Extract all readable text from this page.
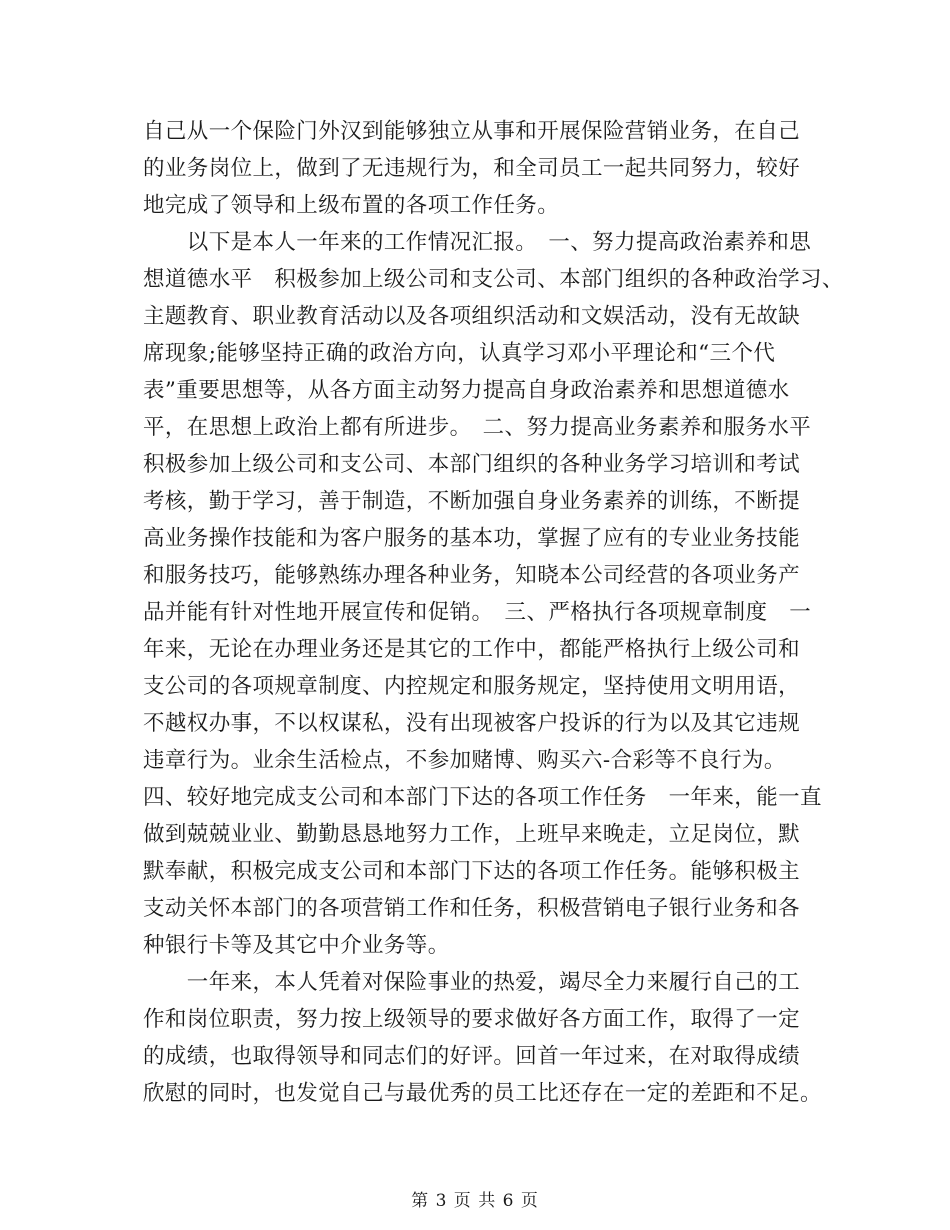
自己从一个保险门外汉到能够独立从事和开展保险营销业务，在自己
的业务岗位上，做到了无违规行为，和全司员工一起共同努力，较好
地完成了领导和上级布置的各项工作任务。
　　以下是本人一年来的工作情况汇报。　一、努力提高政治素养和思
想道德水平　积极参加上级公司和支公司、本部门组织的各种政治学习、
主题教育、职业教育活动以及各项组织活动和文娱活动，没有无故缺
席现象;能够坚持正确的政治方向，认真学习邓小平理论和“三个代
表”重要思想等，从各方面主动努力提高自身政治素养和思想道德水
平，在思想上政治上都有所进步。　二、努力提高业务素养和服务水平
积极参加上级公司和支公司、本部门组织的各种业务学习培训和考试
考核，勤于学习，善于制造，不断加强自身业务素养的训练，不断提
高业务操作技能和为客户服务的基本功，掌握了应有的专业业务技能
和服务技巧，能够熟练办理各种业务，知晓本公司经营的各项业务产
品并能有针对性地开展宣传和促销。　三、严格执行各项规章制度　一
年来，无论在办理业务还是其它的工作中，都能严格执行上级公司和
支公司的各项规章制度、内控规定和服务规定，坚持使用文明用语，
不越权办事，不以权谋私，没有出现被客户投诉的行为以及其它违规
违章行为。业余生活检点，不参加赌博、购买六-合彩等不良行为。
四、较好地完成支公司和本部门下达的各项工作任务　一年来，能一直
做到兢兢业业、勤勤恳恳地努力工作，上班早来晚走，立足岗位，默
默奉献，积极完成支公司和本部门下达的各项工作任务。能够积极主
支动关怀本部门的各项营销工作和任务，积极营销电子银行业务和各
种银行卡等及其它中介业务等。
　　一年来，本人凭着对保险事业的热爱，竭尽全力来履行自己的工
作和岗位职责，努力按上级领导的要求做好各方面工作，取得了一定
的成绩，也取得领导和同志们的好评。回首一年过来，在对取得成绩
欣慰的同时，也发觉自己与最优秀的员工比还存在一定的差距和不足。
第 3 页 共 6 页
